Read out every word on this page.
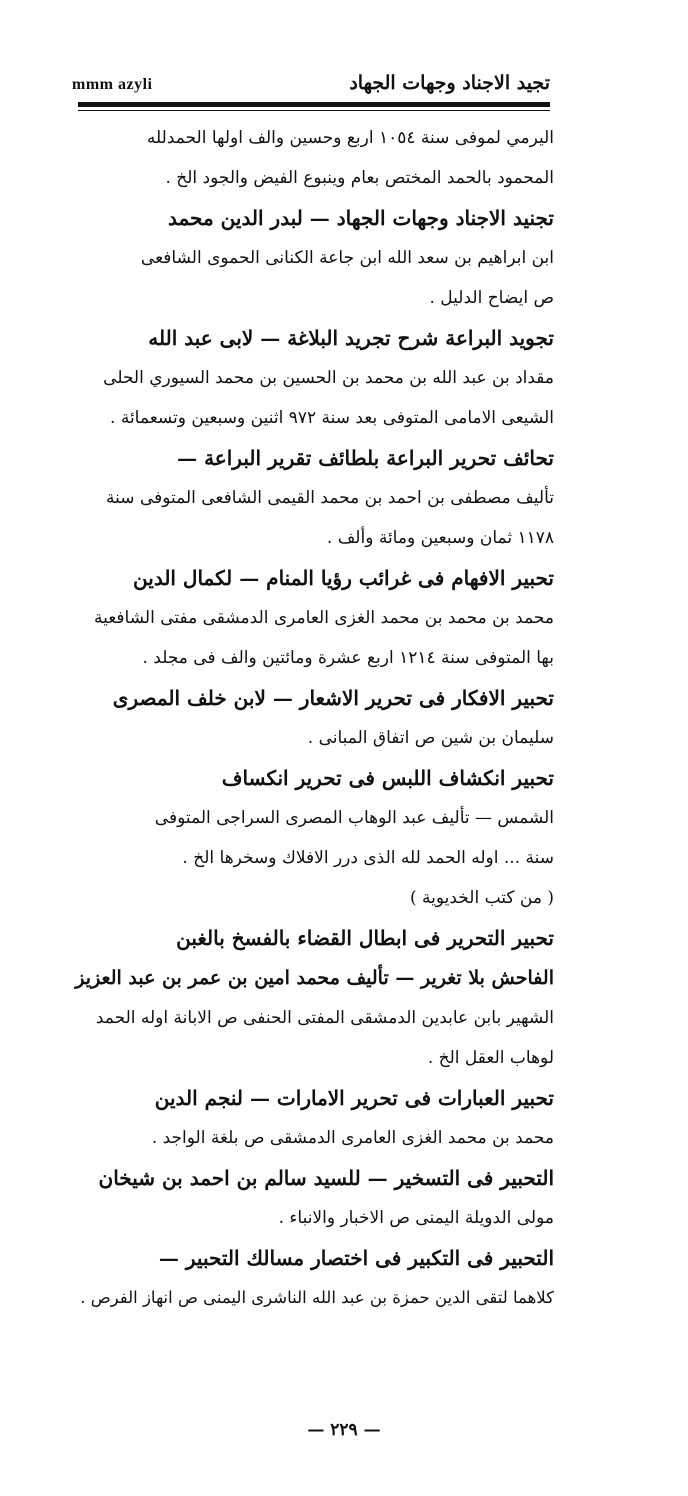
mmm azyli	تجيد الاجناد وجهات الجهاد
اليرمي لموفى سنة ١٠٥٤ اربع وحسين والف اولها الحمدلله
المحمود بالحمد المختص بعام وينبوع الفيض والجود الخ .
تجنيد الاجناد وجهات الجهاد — لبدر الدين محمد
ابن ابراهيم بن سعد الله ابن جاعة الكنانى الحموى الشافعى
ص ايضاح الدليل .
تجويد البراعة شرح تجريد البلاغة — لابى عبد الله
مقداد بن عبد الله بن محمد بن الحسين بن محمد السيوري الحلى
الشيعى الامامى المتوفى بعد سنة ٩٧٢ اثنين وسبعين وتسعمائة .
تحائف تحرير البراعة بلطائف تقرير البراعة —
تأليف مصطفى بن احمد بن محمد القيمى الشافعى المتوفى سنة
١١٧٨ ثمان وسبعين ومائة وألف .
تحبير الافهام فى غرائب رؤيا المنام — لكمال الدين
محمد بن محمد بن محمد الغزى العامرى الدمشقى مفتى الشافعية
بها المتوفى سنة ١٢١٤ اربع عشرة ومائتين والف فى مجلد .
تحبير الافكار فى تحرير الاشعار — لابن خلف المصرى
سليمان بن شين ص اتفاق المبانى .
تحبير انكشاف اللبس فى تحرير انكساف
الشمس — تأليف عبد الوهاب المصرى السراجى المتوفى
سنة ... اوله الحمد لله الذى درر الافلاك وسخرها الخ .
( من كتب الخديوية )
تحبير التحرير فى ابطال القضاء بالفسخ بالغبن
الفاحش بلا تغرير — تأليف محمد امين بن عمر بن عبد العزيز
الشهير بابن عابدين الدمشقى المفتى الحنفى ص الابانة اوله الحمد
لوهاب العقل الخ .
تحبير العبارات فى تحرير الامارات — لنجم الدين
محمد بن محمد الغزى العامرى الدمشقى ص بلغة الواجد .
التحبير فى التسخير — للسيد سالم بن احمد بن شيخان
مولى الدويلة اليمنى ص الاخبار والانباء .
التحبير فى التكبير فى اختصار مسالك التحبير —
كلاهما لتقى الدين حمزة بن عبد الله الناشرى اليمنى ص انهاز الفرص .
— ٢٢٩ —
